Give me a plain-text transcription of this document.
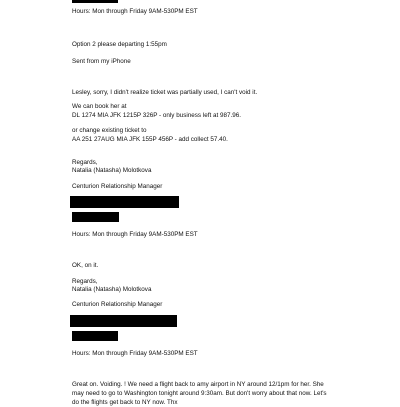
Hours: Mon through Friday 9AM-530PM EST
Option 2 please departing 1:55pm
Sent from my iPhone
Lesley, sorry, I didn't realize ticket was partially used, I can't void it.
We can book her at
DL 1274 MIA JFK 1215P 326P - only business left at 987.96.
or change existing ticket to
AA 251 27AUG MIA JFK 155P 456P - add collect 57.40.
Regards,
Natalia (Natasha) Molotkova
Centurion Relationship Manager
Hours: Mon through Friday 9AM-530PM EST
OK, on it.
Regards,
Natalia (Natasha) Molotkova
Centurion Relationship Manager
Hours: Mon through Friday 9AM-530PM EST
Great on. Voiding. ! We need a flight back to amy airport in NY around 12/1pm for her. She
may need to go to Washington tonight around 9:30am. But don't worry about that now. Let's
do the flights get back to NY now. Thx
